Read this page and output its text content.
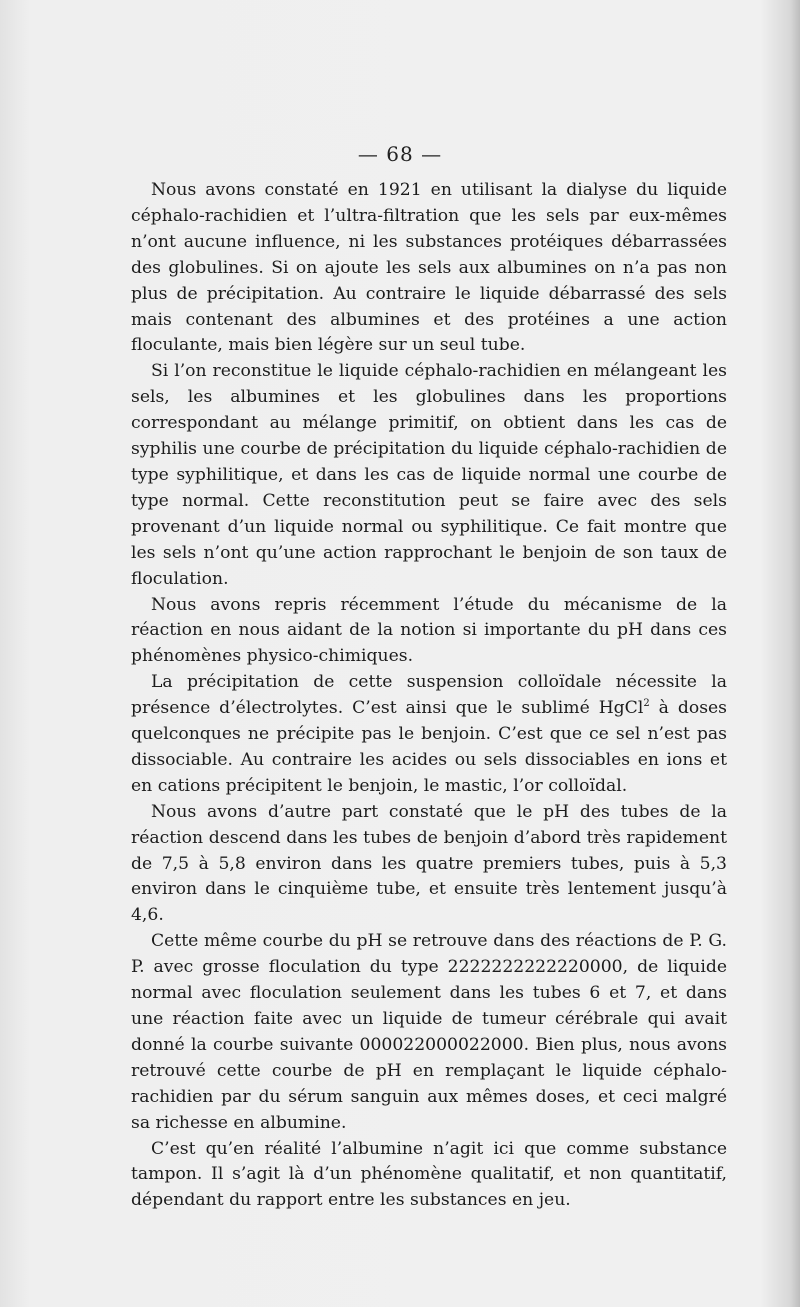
— 68 —

Nous avons constaté en 1921 en utilisant la dialyse du liquide céphalo-rachidien et l’ultra-filtration que les sels par eux-mêmes n’ont aucune influence, ni les substances protéiques débarrassées des globulines. Si on ajoute les sels aux albumines on n’a pas non plus de précipitation. Au contraire le liquide débarrassé des sels mais contenant des albumines et des protéines a une action floculante, mais bien légère sur un seul tube.

Si l’on reconstitue le liquide céphalo-rachidien en mélangeant les sels, les albumines et les globulines dans les proportions correspondant au mélange primitif, on obtient dans les cas de syphilis une courbe de précipitation du liquide céphalo-rachidien de type syphilitique, et dans les cas de liquide normal une courbe de type normal. Cette reconstitution peut se faire avec des sels provenant d’un liquide normal ou syphilitique. Ce fait montre que les sels n’ont qu’une action rapprochant le benjoin de son taux de floculation.

Nous avons repris récemment l’étude du mécanisme de la réaction en nous aidant de la notion si importante du pH dans ces phénomènes physico-chimiques.

La précipitation de cette suspension colloïdale nécessite la présence d’électrolytes. C’est ainsi que le sublimé HgCl$^2$ à doses quelconques ne précipite pas le benjoin. C’est que ce sel n’est pas dissociable. Au contraire les acides ou sels dissociables en ions et en cations précipitent le benjoin, le mastic, l’or colloïdal.

Nous avons d’autre part constaté que le pH des tubes de la réaction descend dans les tubes de benjoin d’abord très rapidement de 7,5 à 5,8 environ dans les quatre premiers tubes, puis à 5,3 environ dans le cinquième tube, et ensuite très lentement jusqu’à 4,6.

Cette même courbe du pH se retrouve dans des réactions de P. G. P. avec grosse floculation du type 2222222222220000, de liquide normal avec floculation seulement dans les tubes 6 et 7, et dans une réaction faite avec un liquide de tumeur cérébrale qui avait donné la courbe suivante 000022000022000. Bien plus, nous avons retrouvé cette courbe de pH en remplaçant le liquide céphalo-rachidien par du sérum sanguin aux mêmes doses, et ceci malgré sa richesse en albumine.

C’est qu’en réalité l’albumine n’agit ici que comme substance tampon. Il s’agit là d’un phénomène qualitatif, et non quantitatif, dépendant du rapport entre les substances en jeu.
